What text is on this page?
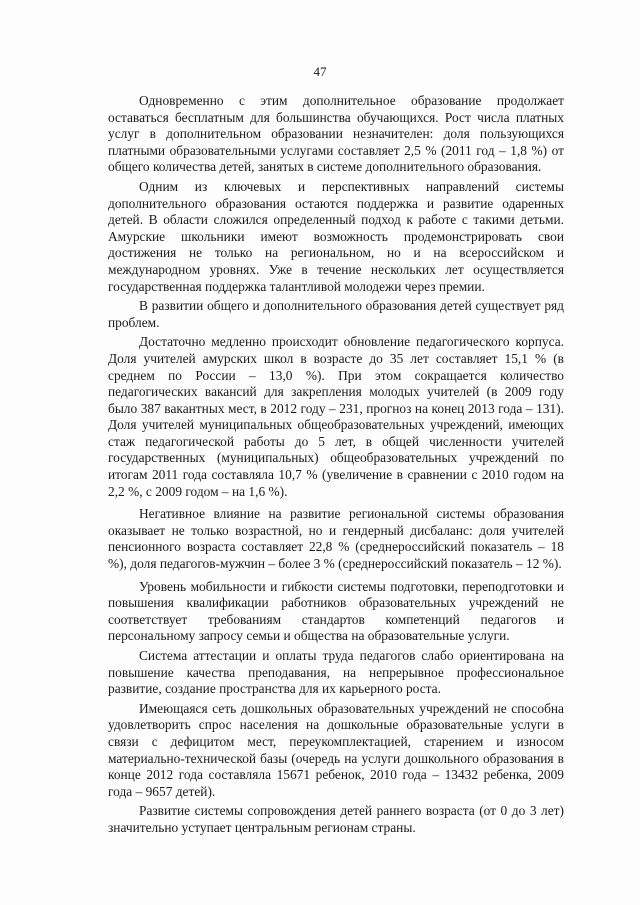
47

Одновременно с этим дополнительное образование продолжает оставаться бесплатным для большинства обучающихся. Рост числа платных услуг в дополнительном образовании незначителен: доля пользующихся платными образовательными услугами составляет 2,5 % (2011 год – 1,8 %) от общего количества детей, занятых в системе дополнительного образования.

Одним из ключевых и перспективных направлений системы дополнительного образования остаются поддержка и развитие одаренных детей. В области сложился определенный подход к работе с такими детьми. Амурские школьники имеют возможность продемонстрировать свои достижения не только на региональном, но и на всероссийском и международном уровнях. Уже в течение нескольких лет осуществляется государственная поддержка талантливой молодежи через премии.

В развитии общего и дополнительного образования детей существует ряд проблем.

Достаточно медленно происходит обновление педагогического корпуса. Доля учителей амурских школ в возрасте до 35 лет составляет 15,1 % (в среднем по России – 13,0 %). При этом сокращается количество педагогических вакансий для закрепления молодых учителей (в 2009 году было 387 вакантных мест, в 2012 году – 231, прогноз на конец 2013 года – 131). Доля учителей муниципальных общеобразовательных учреждений, имеющих стаж педагогической работы до 5 лет, в общей численности учителей государственных (муниципальных) общеобразовательных учреждений по итогам 2011 года составляла 10,7 % (увеличение в сравнении с 2010 годом на 2,2 %, с 2009 годом – на 1,6 %).

Негативное влияние на развитие региональной системы образования оказывает не только возрастной, но и гендерный дисбаланс: доля учителей пенсионного возраста составляет 22,8 % (среднероссийский показатель – 18 %), доля педагогов-мужчин – более 3 % (среднероссийский показатель – 12 %).

Уровень мобильности и гибкости системы подготовки, переподготовки и повышения квалификации работников образовательных учреждений не соответствует требованиям стандартов компетенций педагогов и персональному запросу семьи и общества на образовательные услуги.

Система аттестации и оплаты труда педагогов слабо ориентирована на повышение качества преподавания, на непрерывное профессиональное развитие, создание пространства для их карьерного роста.

Имеющаяся сеть дошкольных образовательных учреждений не способна удовлетворить спрос населения на дошкольные образовательные услуги в связи с дефицитом мест, переукомплектацией, старением и износом материально-технической базы (очередь на услуги дошкольного образования в конце 2012 года составляла 15671 ребенок, 2010 года – 13432 ребенка, 2009 года – 9657 детей).

Развитие системы сопровождения детей раннего возраста (от 0 до 3 лет) значительно уступает центральным регионам страны.
